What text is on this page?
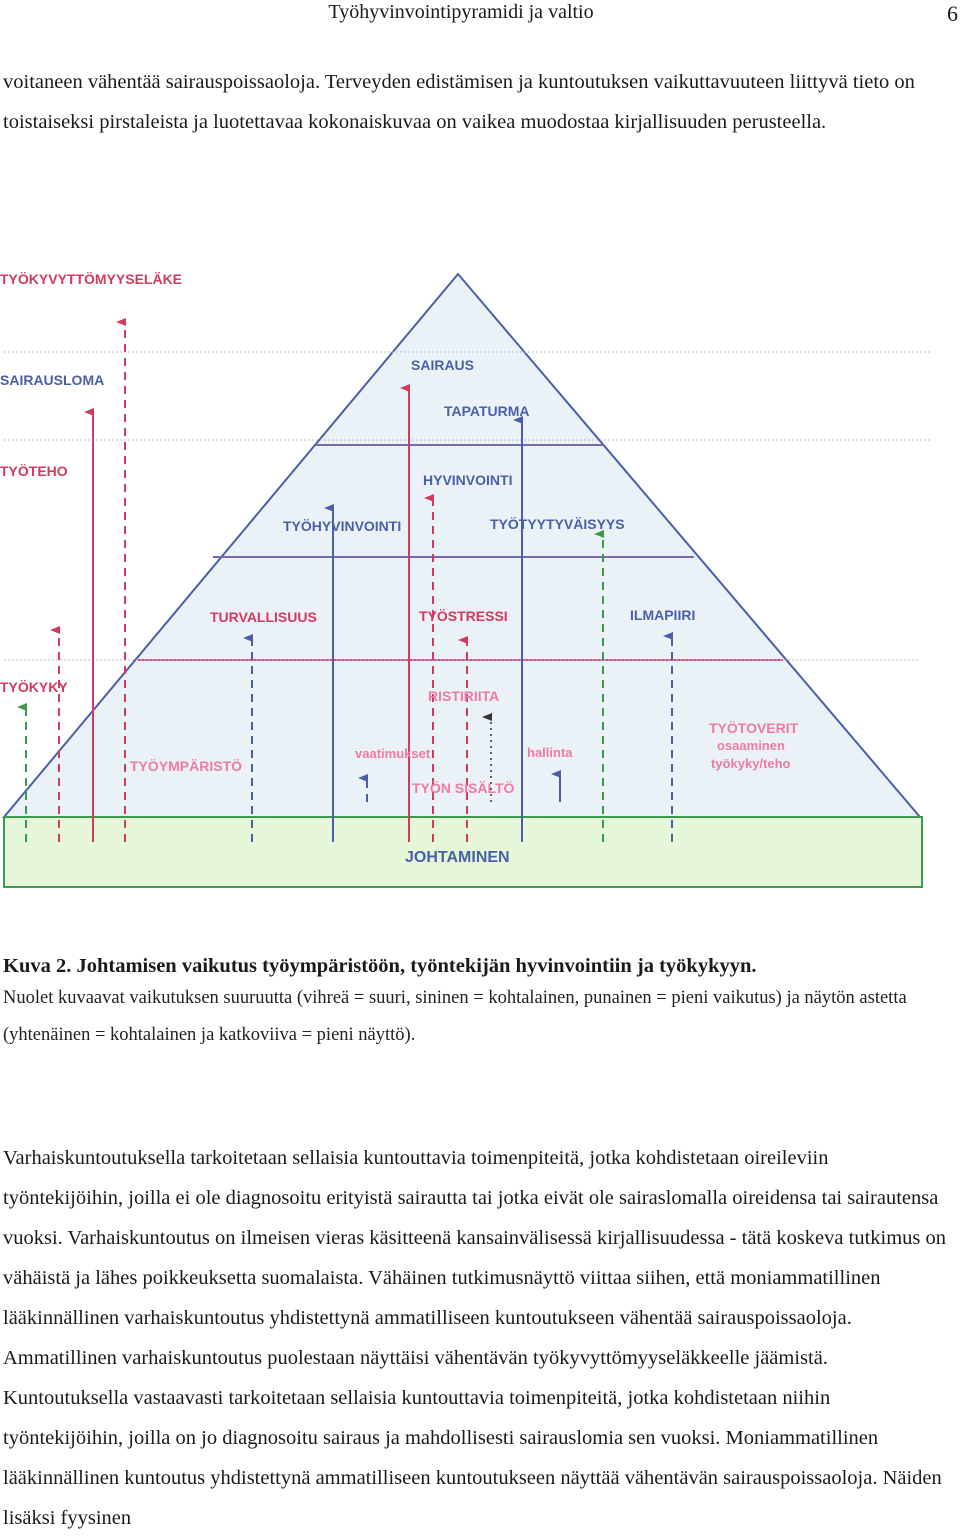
Työhyvinvointipyramidi ja valtio	6

voitaneen vähentää sairauspoissaoloja. Terveyden edistämisen ja kuntoutuksen vaikuttavuuteen liittyvä tieto on toistaiseksi pirstaleista ja luotettavaa kokonaiskuvaa on vaikea muodostaa kirjallisuuden perusteella.

TYÖKYVYTTÖMYYSELÄKE
SAIRAUSLOMA
TYÖTEHO
TYÖKYKY
SAIRAUS
TAPATURMA
HYVINVOINTI
TYÖHYVINVOINTI	TYÖTYYTYVÄISYYS
TURVALLISUUS	TYÖSTRESSI	ILMAPIIRI
RISTIRIITA
TYÖYMPÄRISTÖ
vaatimukset	hallinta
TYÖN SISÄLTÖ
TYÖTOVERIT
osaaminen
työkyky/teho
JOHTAMINEN

Kuva 2. Johtamisen vaikutus työympäristöön, työntekijän hyvinvointiin ja työkykyyn.

Nuolet kuvaavat vaikutuksen suuruutta (vihreä = suuri, sininen = kohtalainen, punainen = pieni vaikutus) ja näytön astetta (yhtenäinen = kohtalainen ja katkoviiva = pieni näyttö).

Varhaiskuntoutuksella tarkoitetaan sellaisia kuntouttavia toimenpiteitä, jotka kohdistetaan oireileviin työntekijöihin, joilla ei ole diagnosoitu erityistä sairautta tai jotka eivät ole sairaslomalla oireidensa tai sairautensa vuoksi. Varhaiskuntoutus on ilmeisen vieras käsitteenä kansainvälisessä kirjallisuudessa - tätä koskeva tutkimus on vähäistä ja lähes poikkeuksetta suomalaista. Vähäinen tutkimusnäyttö viittaa siihen, että moniammatillinen lääkinnällinen varhaiskuntoutus yhdistettynä ammatilliseen kuntoutukseen vähentää sairauspoissaoloja. Ammatillinen varhaiskuntoutus puolestaan näyttäisi vähentävän työkyvyttömyyseläkkeelle jäämistä. Kuntoutuksella vastaavasti tarkoitetaan sellaisia kuntouttavia toimenpiteitä, jotka kohdistetaan niihin työntekijöihin, joilla on jo diagnosoitu sairaus ja mahdollisesti sairauslomia sen vuoksi. Moniammatillinen lääkinnällinen kuntoutus yhdistettynä ammatilliseen kuntoutukseen näyttää vähentävän sairauspoissaoloja. Näiden lisäksi fyysinen
